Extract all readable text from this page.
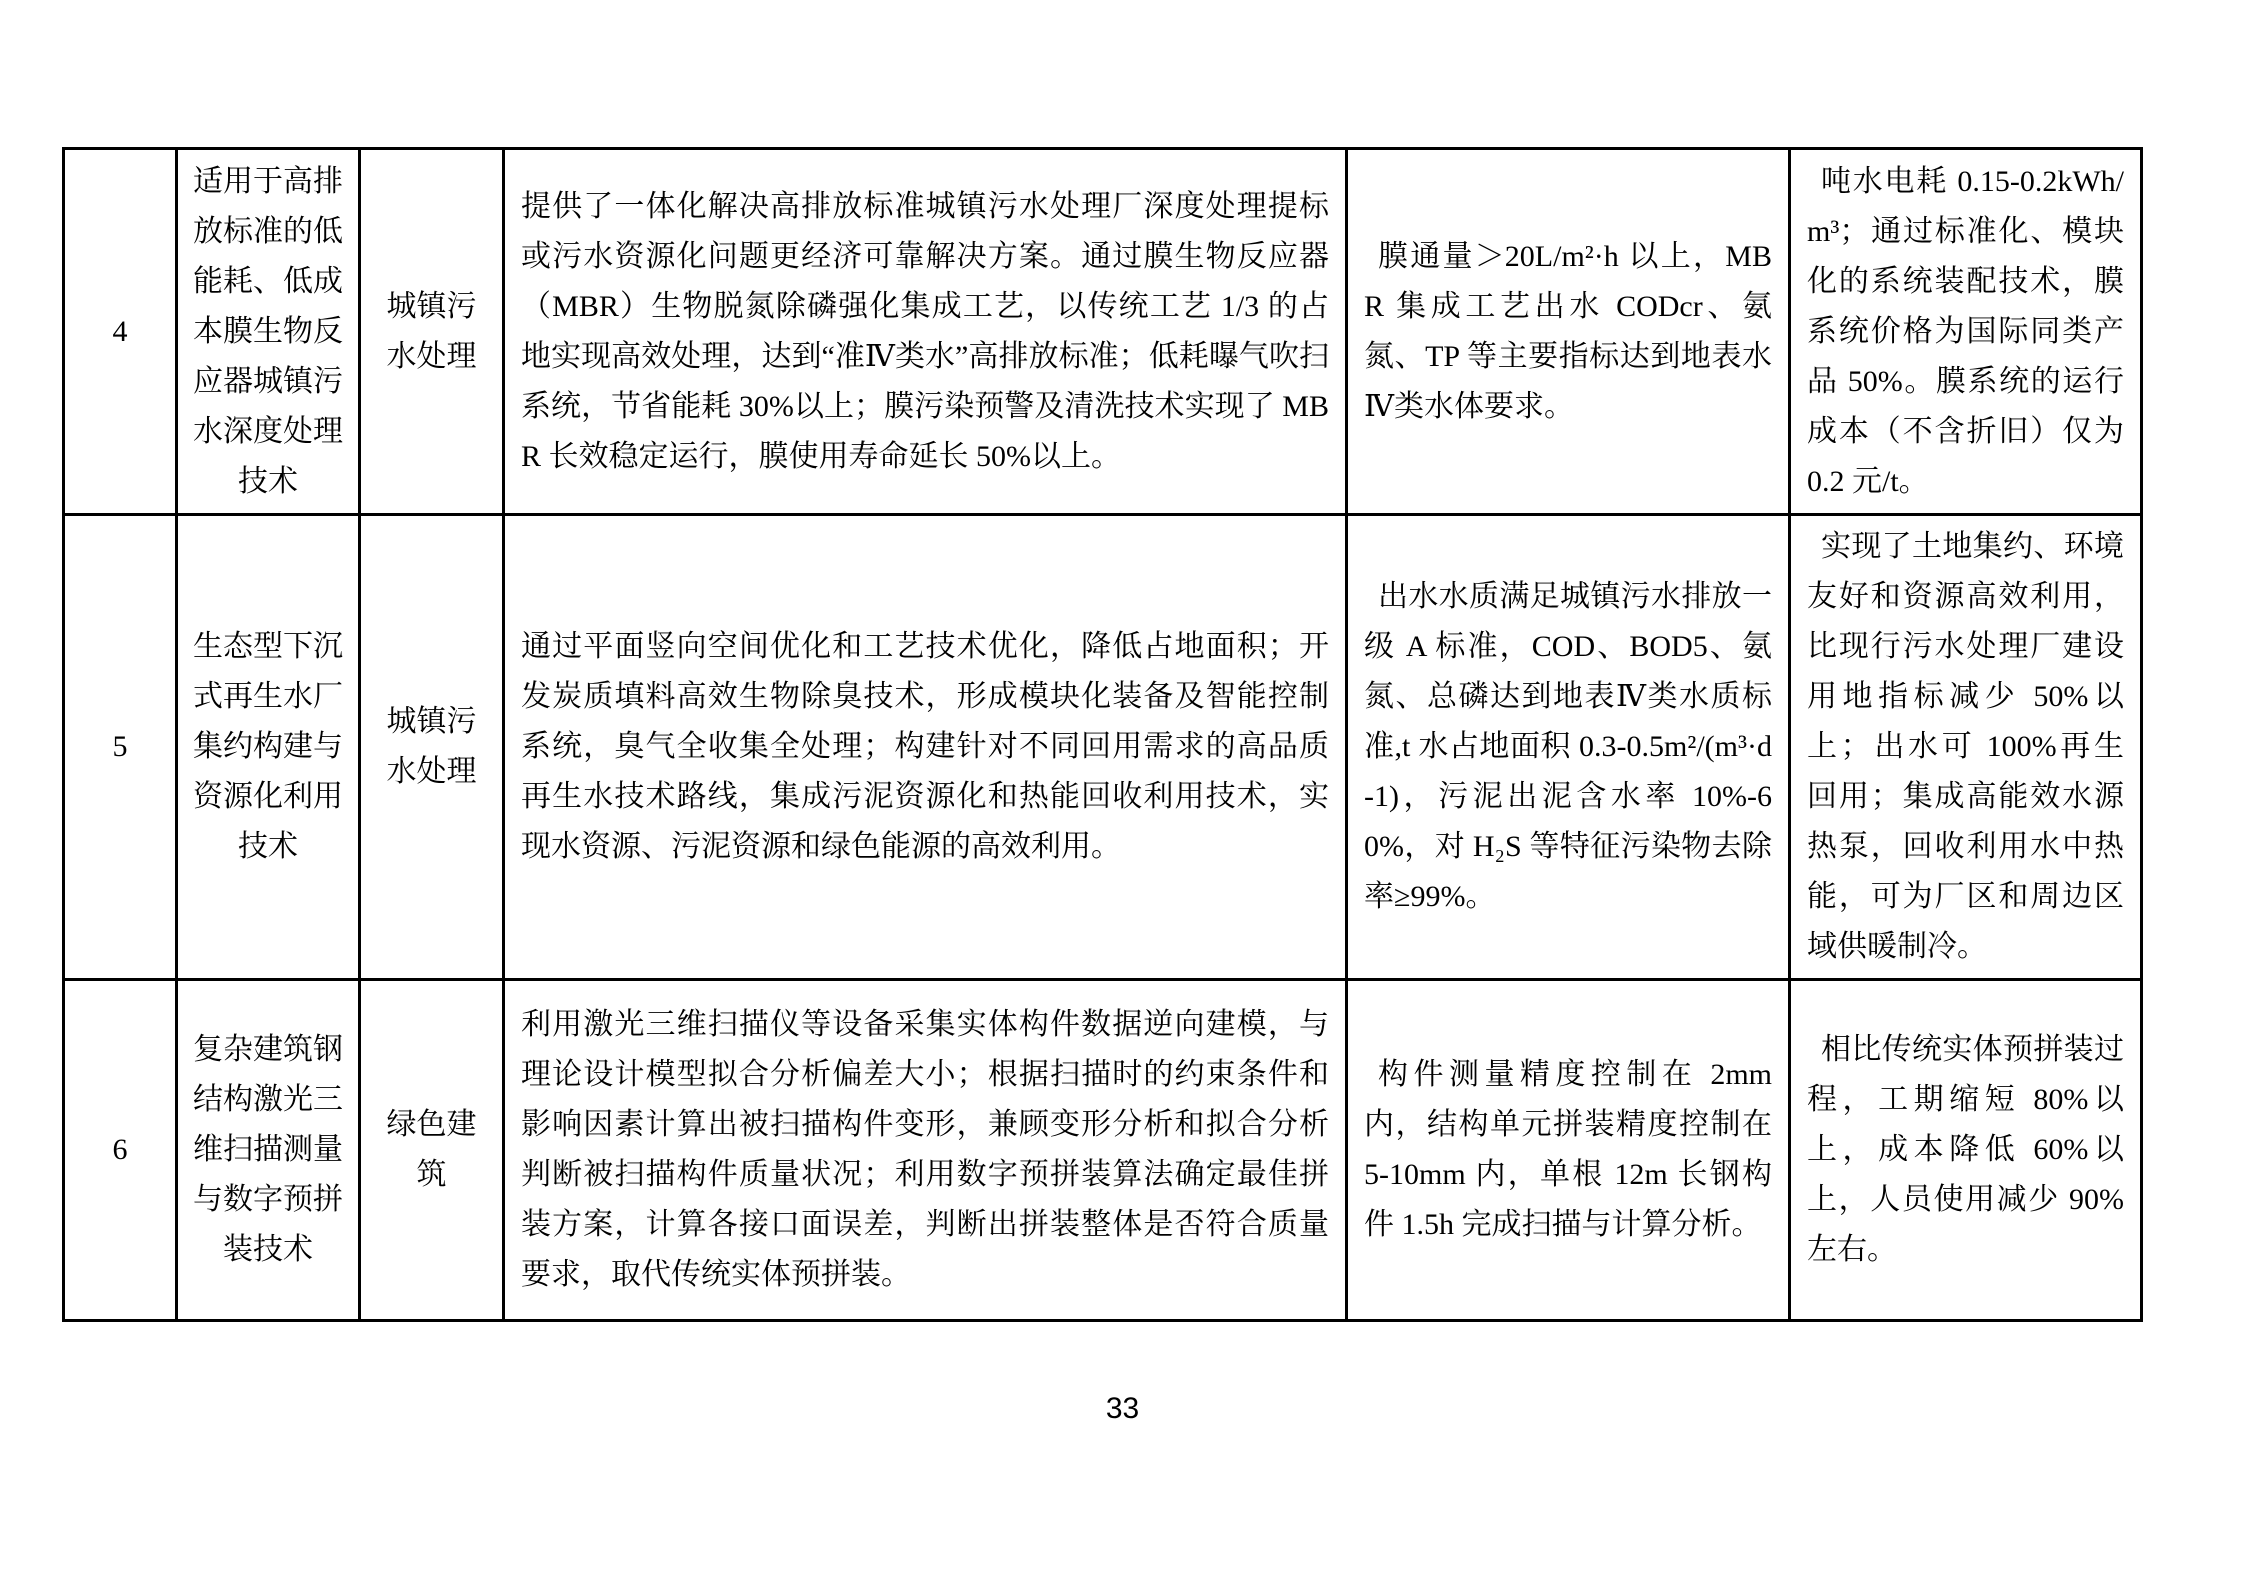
4	适用于高排放标准的低能耗、低成本膜生物反应器城镇污水深度处理技术	城镇污水处理	提供了一体化解决高排放标准城镇污水处理厂深度处理提标或污水资源化问题更经济可靠解决方案。通过膜生物反应器（MBR）生物脱氮除磷强化集成工艺，以传统工艺 1/3 的占地实现高效处理，达到“准Ⅳ类水”高排放标准；低耗曝气吹扫系统，节省能耗 30%以上；膜污染预警及清洗技术实现了 MBR 长效稳定运行，膜使用寿命延长 50%以上。	膜通量＞20L/m²·h 以上，MBR 集成工艺出水 CODcr、氨氮、TP 等主要指标达到地表水Ⅳ类水体要求。	吨水电耗 0.15-0.2kWh/m³；通过标准化、模块化的系统装配技术，膜系统价格为国际同类产品 50%。膜系统的运行成本（不含折旧）仅为 0.2 元/t。
5	生态型下沉式再生水厂集约构建与资源化利用技术	城镇污水处理	通过平面竖向空间优化和工艺技术优化，降低占地面积；开发炭质填料高效生物除臭技术，形成模块化装备及智能控制系统，臭气全收集全处理；构建针对不同回用需求的高品质再生水技术路线，集成污泥资源化和热能回收利用技术，实现水资源、污泥资源和绿色能源的高效利用。	出水水质满足城镇污水排放一级 A 标准，COD、BOD5、氨氮、总磷达到地表Ⅳ类水质标准,t 水占地面积 0.3-0.5m²/(m³·d-1)，污泥出泥含水率 10%-60%，对 H₂S 等特征污染物去除率≥99%。	实现了土地集约、环境友好和资源高效利用，比现行污水处理厂建设用地指标减少 50%以上；出水可 100%再生回用；集成高能效水源热泵，回收利用水中热能，可为厂区和周边区域供暖制冷。
6	复杂建筑钢结构激光三维扫描测量与数字预拼装技术	绿色建筑	利用激光三维扫描仪等设备采集实体构件数据逆向建模，与理论设计模型拟合分析偏差大小；根据扫描时的约束条件和影响因素计算出被扫描构件变形，兼顾变形分析和拟合分析判断被扫描构件质量状况；利用数字预拼装算法确定最佳拼装方案，计算各接口面误差，判断出拼装整体是否符合质量要求，取代传统实体预拼装。	构件测量精度控制在 2mm 内，结构单元拼装精度控制在 5-10mm 内，单根 12m 长钢构件 1.5h 完成扫描与计算分析。	相比传统实体预拼装过程，工期缩短 80%以上，成本降低 60%以上，人员使用减少 90%左右。
33
